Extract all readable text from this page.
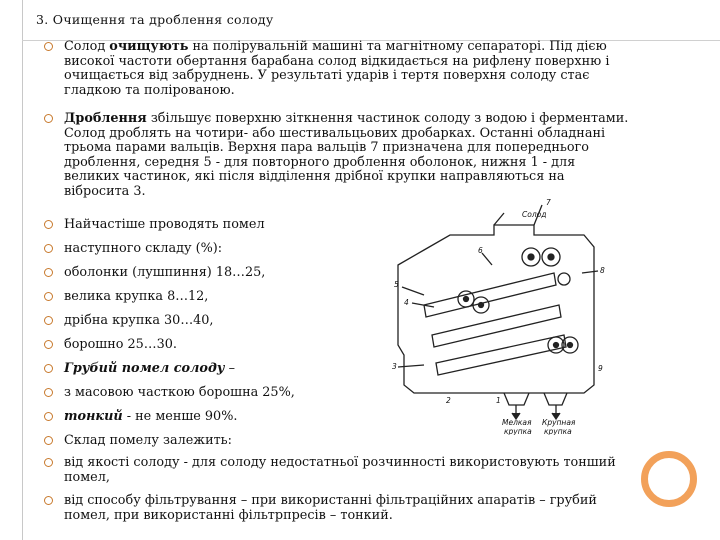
3. Очищення та дроблення солоду
Солод очищують на полірувальній машині та магнітному сепараторі. Під дією
високої частоти обертання барабана солод відкидається на рифлену поверхню і
очищається від забруднень. У результаті ударів і тертя поверхня солоду стає
гладкою та полірованою.
Дроблення збільшує поверхню зіткнення частинок солоду з водою і ферментами.
Солод дроблять на чотири- або шестивальцьових дробарках. Останні обладнані
трьома парами вальців. Верхня пара вальців 7 призначена для попереднього
дроблення, середня 5 - для повторного дроблення оболонок, нижня 1 - для
великих частинок, які після відділення дрібної крупки направляються на
вібросита 3.
Найчастіше проводять помел
наступного складу (%):
оболонки (лушпиння) 18…25,
велика крупка 8…12,
дрібна крупка 30…40,
борошно 25…30.
Грубий помел солоду –
з масовою часткою борошна 25%,
тонкий - не менше 90%.
Склад помелу залежить:
від якості солоду - для солоду недостатньої розчинності використовують тонший
помел,
від способу фільтрування – при використанні фільтраційних апаратів – грубий
помел, при використанні фільтрпресів – тонкий.
Солод
7
6
8
5
4
3
2	1
9
Мелкая
крупка
Крупная
крупка
